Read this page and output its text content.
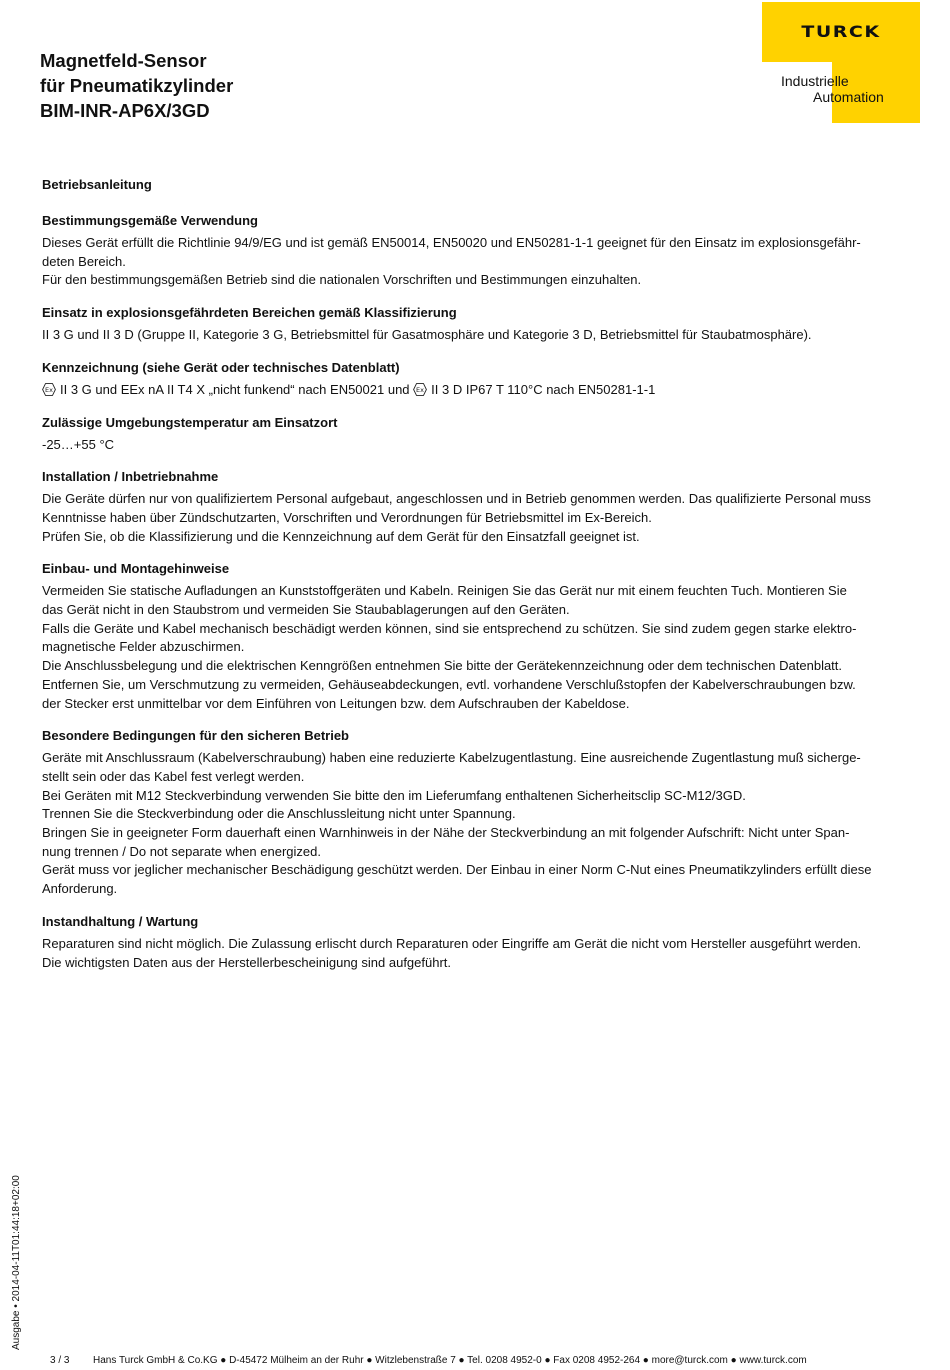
Magnetfeld-Sensor
für Pneumatikzylinder
BIM-INR-AP6X/3GD
TURCK
Industrielle
Automation
Betriebsanleitung
Bestimmungsgemäße Verwendung

Dieses Gerät erfüllt die Richtlinie 94/9/EG und ist gemäß EN50014, EN50020 und EN50281-1-1 geeignet für den Einsatz im explosionsgefähr-

deten Bereich.

Für den bestimmungsgemäßen Betrieb sind die nationalen Vorschriften und Bestimmungen einzuhalten.

Einsatz in explosionsgefährdeten Bereichen gemäß Klassifizierung

II 3 G und II 3 D (Gruppe II, Kategorie 3 G, Betriebsmittel für Gasatmosphäre und Kategorie 3 D, Betriebsmittel für Staubatmosphäre).

Kennzeichnung (siehe Gerät oder technisches Datenblatt)

Ex II 3 G und EEx nA II T4 X „nicht funkend“ nach EN50021 und Ex II 3 D IP67 T 110°C nach EN50281-1-1

Zulässige Umgebungstemperatur am Einsatzort

-25…+55 °C

Installation / Inbetriebnahme

Die Geräte dürfen nur von qualifiziertem Personal aufgebaut, angeschlossen und in Betrieb genommen werden. Das qualifizierte Personal muss

Kenntnisse haben über Zündschutzarten, Vorschriften und Verordnungen für Betriebsmittel im Ex-Bereich.

Prüfen Sie, ob die Klassifizierung und die Kennzeichnung auf dem Gerät für den Einsatzfall geeignet ist.

Einbau- und Montagehinweise

Vermeiden Sie statische Aufladungen an Kunststoffgeräten und Kabeln. Reinigen Sie das Gerät nur mit einem feuchten Tuch. Montieren Sie

das Gerät nicht in den Staubstrom und vermeiden Sie Staubablagerungen auf den Geräten.

Falls die Geräte und Kabel mechanisch beschädigt werden können, sind sie entsprechend zu schützen. Sie sind zudem gegen starke elektro-

magnetische Felder abzuschirmen.

Die Anschlussbelegung und die elektrischen Kenngrößen entnehmen Sie bitte der Gerätekennzeichnung oder dem technischen Datenblatt.

Entfernen Sie, um Verschmutzung zu vermeiden, Gehäuseabdeckungen, evtl. vorhandene Verschlußstopfen der Kabelverschraubungen bzw.

der Stecker erst unmittelbar vor dem Einführen von Leitungen bzw. dem Aufschrauben der Kabeldose.

Besondere Bedingungen für den sicheren Betrieb

Geräte mit Anschlussraum (Kabelverschraubung) haben eine reduzierte Kabelzugentlastung. Eine ausreichende Zugentlastung muß sicherge-

stellt sein oder das Kabel fest verlegt werden.

Bei Geräten mit M12 Steckverbindung verwenden Sie bitte den im Lieferumfang enthaltenen Sicherheitsclip SC-M12/3GD.

Trennen Sie die Steckverbindung oder die Anschlussleitung nicht unter Spannung.

Bringen Sie in geeigneter Form dauerhaft einen Warnhinweis in der Nähe der Steckverbindung an mit folgender Aufschrift: Nicht unter Span-

nung trennen / Do not separate when energized.

Gerät muss vor jeglicher mechanischer Beschädigung geschützt werden. Der Einbau in einer Norm C-Nut eines Pneumatikzylinders erfüllt diese

Anforderung.

Instandhaltung / Wartung

Reparaturen sind nicht möglich. Die Zulassung erlischt durch Reparaturen oder Eingriffe am Gerät die nicht vom Hersteller ausgeführt werden.

Die wichtigsten Daten aus der Herstellerbescheinigung sind aufgeführt.

Ausgabe • 2014-04-11T01:44:18+02:00
3 / 3 Hans Turck GmbH & Co.KG ● D-45472 Mülheim an der Ruhr ● Witzlebenstraße 7 ● Tel. 0208 4952-0 ● Fax 0208 4952-264 ● more@turck.com ● www.turck.com
